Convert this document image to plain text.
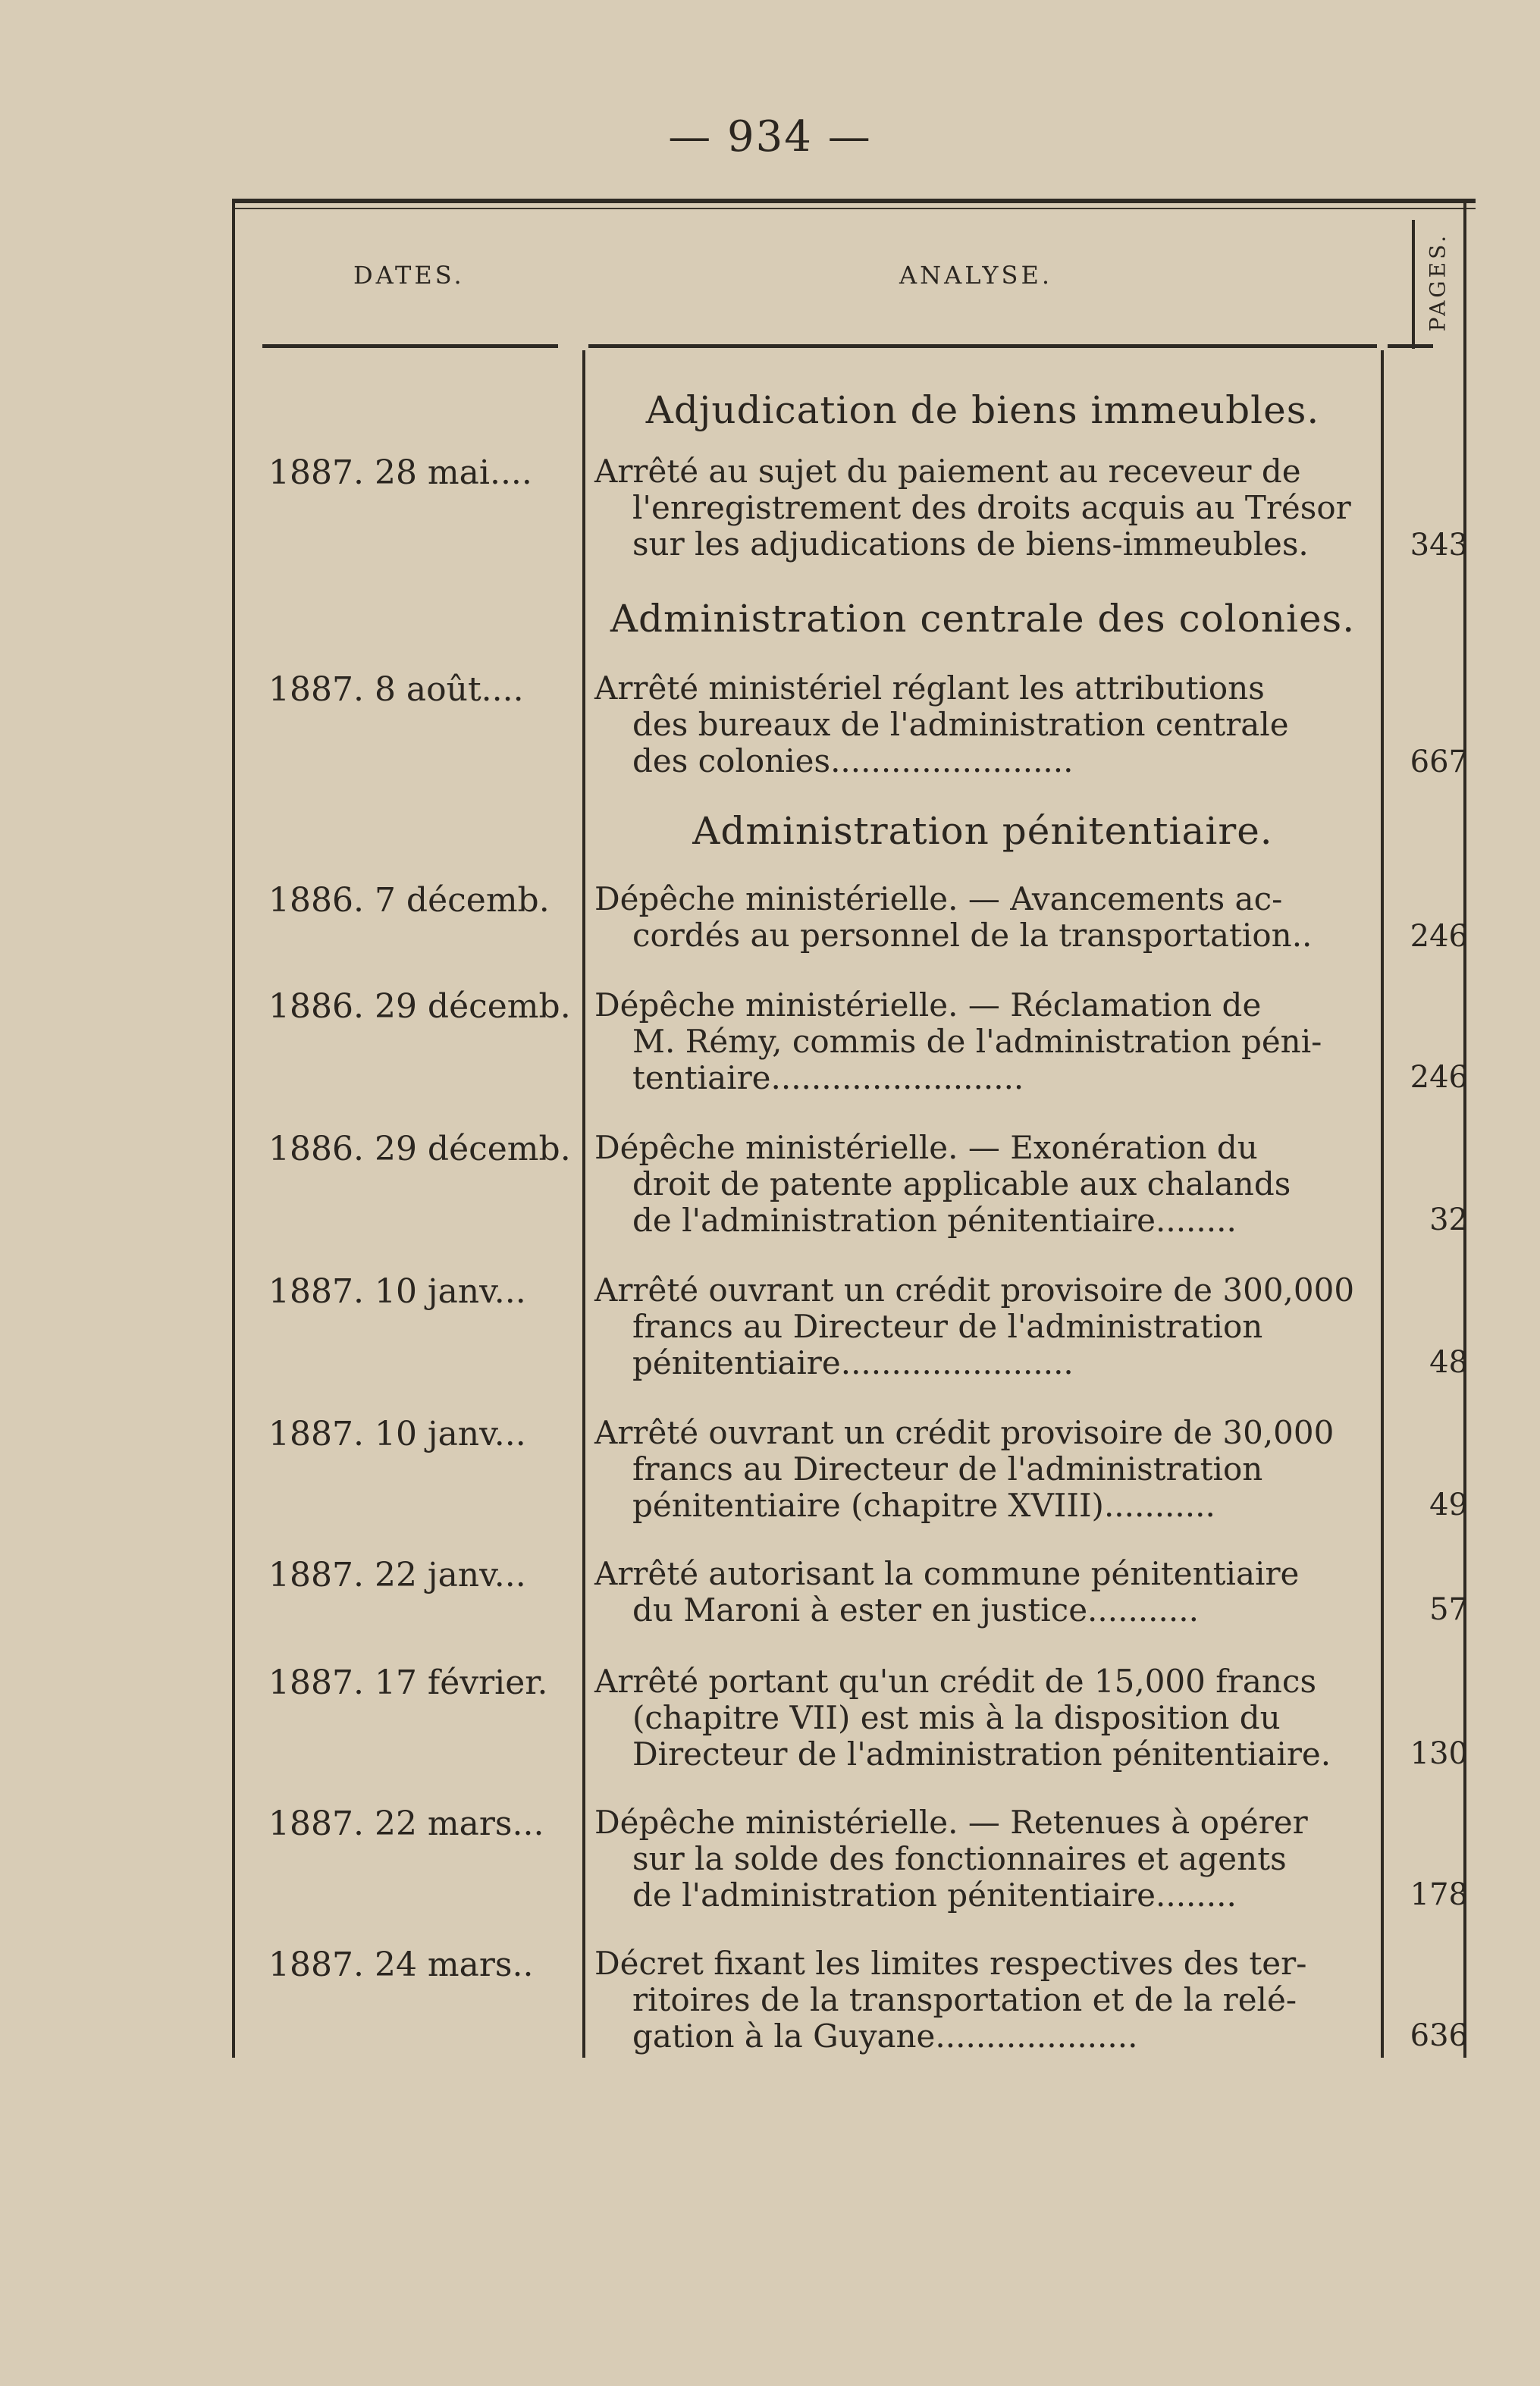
— 934 —
DATES.	ANALYSE.	PAGES.
Adjudication de biens immeubles.
1887. 28 mai....	Arrêté au sujet du paiement au receveur de
l'enregistrement des droits acquis au Trésor
sur les adjudications de biens-immeubles.	343
Administration centrale des colonies.
1887. 8 août....	Arrêté ministériel réglant les attributions
des bureaux de l'administration centrale
des colonies........................	667
Administration pénitentiaire.
1886. 7 décemb.	Dépêche ministérielle. — Avancements ac-
cordés au personnel de la transportation..	246
1886. 29 décemb. Dépêche ministérielle. — Réclamation de
M. Rémy, commis de l'administration péni-
tentiaire.........................	246
1886. 29 décemb. Dépêche ministérielle. — Exonération du
droit de patente applicable aux chalands
de l'administration pénitentiaire........	32
1887. 10 janv...	Arrêté ouvrant un crédit provisoire de 300,000
francs au Directeur de l'administration
pénitentiaire.......................	48
1887. 10 janv...	Arrêté ouvrant un crédit provisoire de 30,000
francs au Directeur de l'administration
pénitentiaire (chapitre XVIII)...........	49
1887. 22 janv...	Arrêté autorisant la commune pénitentiaire
du Maroni à ester en justice...........	57
1887. 17 février.	Arrêté portant qu'un crédit de 15,000 francs
(chapitre VII) est mis à la disposition du
Directeur de l'administration pénitentiaire.	130
1887. 22 mars...	Dépêche ministérielle. — Retenues à opérer
sur la solde des fonctionnaires et agents
de l'administration pénitentiaire........	178
1887. 24 mars..	Décret fixant les limites respectives des ter-
ritoires de la transportation et de la relé-
gation à la Guyane....................	636
